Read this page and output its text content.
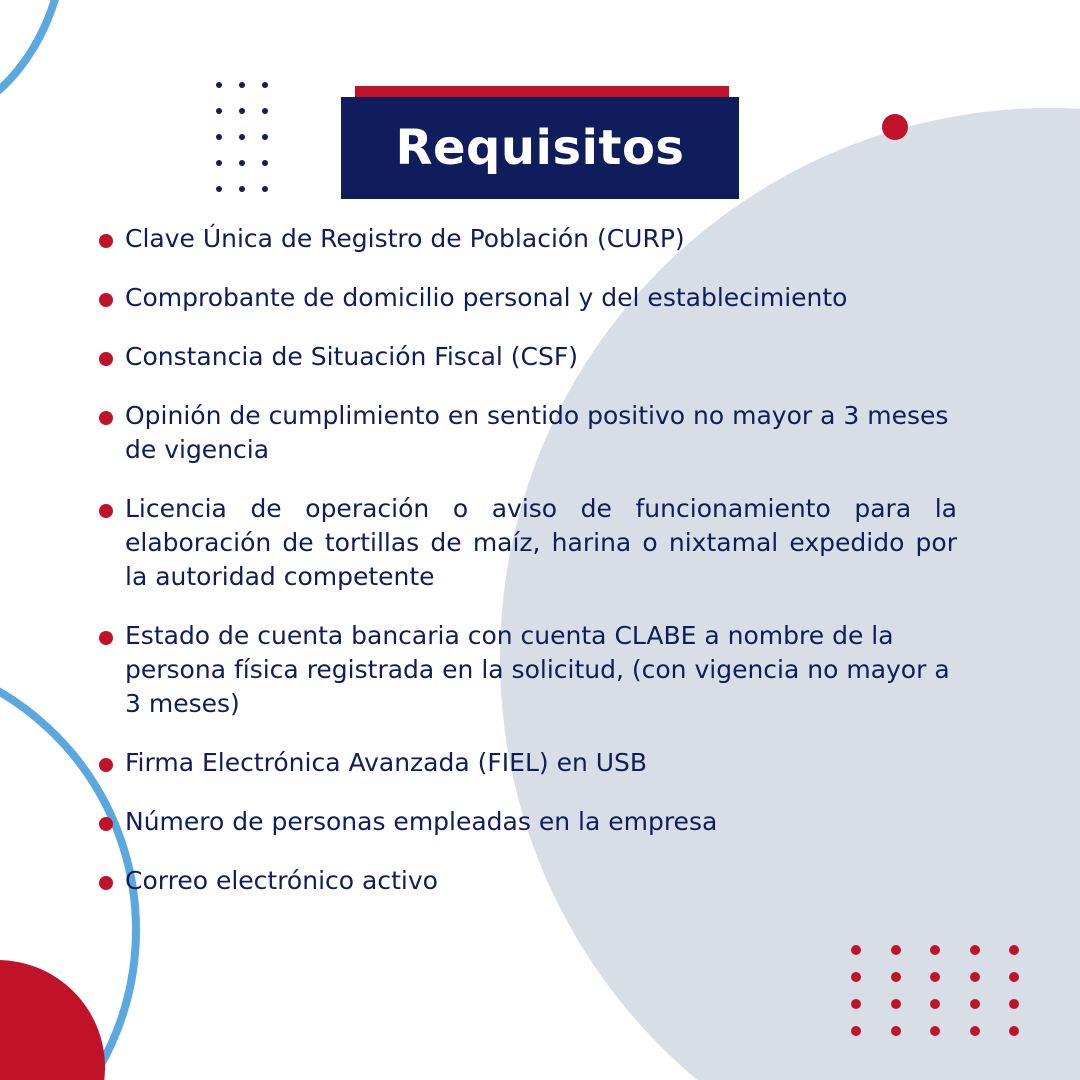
Requisitos
Clave Única de Registro de Población (CURP)
Comprobante de domicilio personal y del establecimiento
Constancia de Situación Fiscal (CSF)
Opinión de cumplimiento en sentido positivo no mayor a 3 meses de vigencia
Licencia de operación o aviso de funcionamiento para la elaboración de tortillas de maíz, harina o nixtamal expedido por la autoridad competente
Estado de cuenta bancaria con cuenta CLABE a nombre de la persona física registrada en la solicitud, (con vigencia no mayor a 3 meses)
Firma Electrónica Avanzada (FIEL) en USB
Número de personas empleadas en la empresa
Correo electrónico activo
